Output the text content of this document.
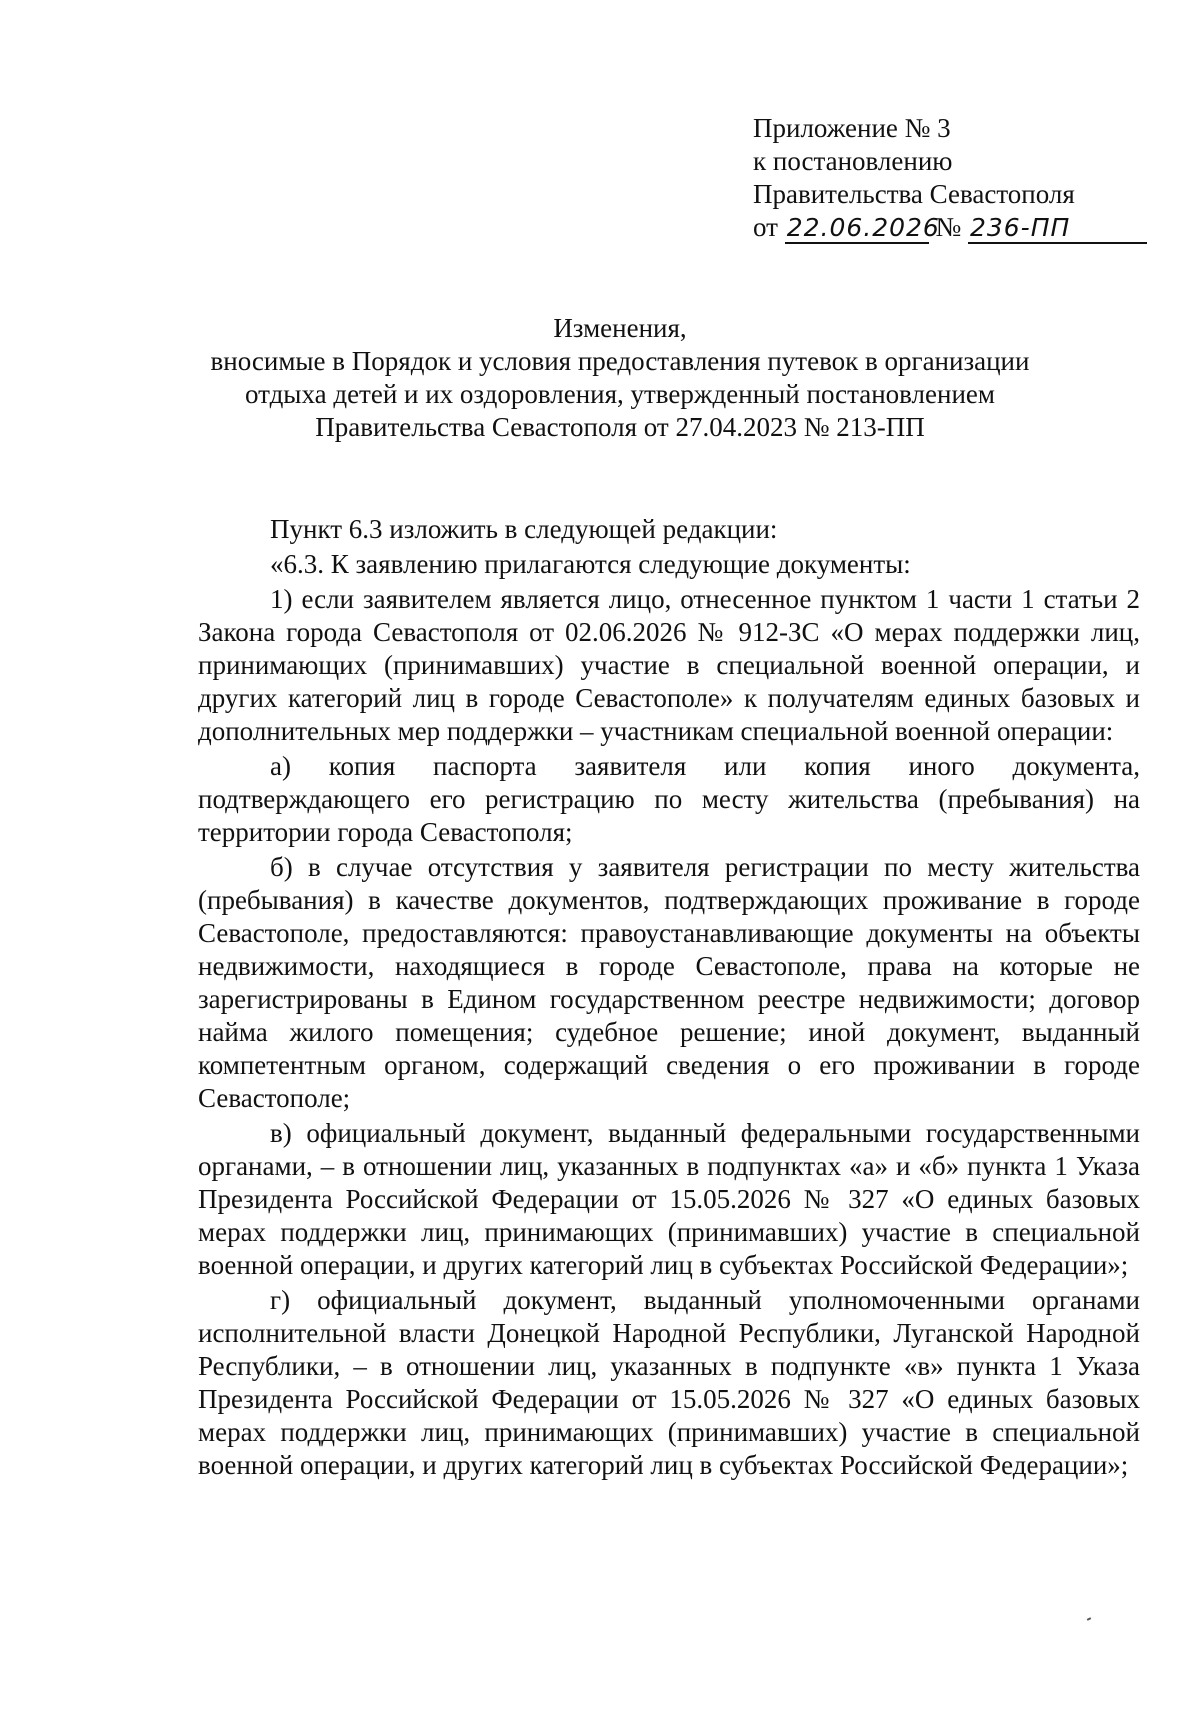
Приложение № 3
к постановлению
Правительства Севастополя
от 22.06.2026 № 236-ПП
Изменения,
вносимые в Порядок и условия предоставления путевок в организации
отдыха детей и их оздоровления, утвержденный постановлением
Правительства Севастополя от 27.04.2023 № 213-ПП

Пункт 6.3 изложить в следующей редакции:

«6.3. К заявлению прилагаются следующие документы:

1) если заявителем является лицо, отнесенное пунктом 1 части 1 статьи 2 Закона города Севастополя от 02.06.2026 № 912-ЗС «О мерах поддержки лиц, принимающих (принимавших) участие в специальной военной операции, и других категорий лиц в городе Севастополе» к получателям единых базовых и дополнительных мер поддержки – участникам специальной военной операции:

а) копия паспорта заявителя или копия иного документа, подтверждающего его регистрацию по месту жительства (пребывания) на территории города Севастополя;

б) в случае отсутствия у заявителя регистрации по месту жительства (пребывания) в качестве документов, подтверждающих проживание в городе Севастополе, предоставляются: правоустанавливающие документы на объекты недвижимости, находящиеся в городе Севастополе, права на которые не зарегистрированы в Едином государственном реестре недвижимости; договор найма жилого помещения; судебное решение; иной документ, выданный компетентным органом, содержащий сведения о его проживании в городе Севастополе;

в) официальный документ, выданный федеральными государственными органами, – в отношении лиц, указанных в подпунктах «а» и «б» пункта 1 Указа Президента Российской Федерации от 15.05.2026 № 327 «О единых базовых мерах поддержки лиц, принимающих (принимавших) участие в специальной военной операции, и других категорий лиц в субъектах Российской Федерации»;

г) официальный документ, выданный уполномоченными органами исполнительной власти Донецкой Народной Республики, Луганской Народной Республики, – в отношении лиц, указанных в подпункте «в» пункта 1 Указа Президента Российской Федерации от 15.05.2026 № 327 «О единых базовых мерах поддержки лиц, принимающих (принимавших) участие в специальной военной операции, и других категорий лиц в субъектах Российской Федерации»;
